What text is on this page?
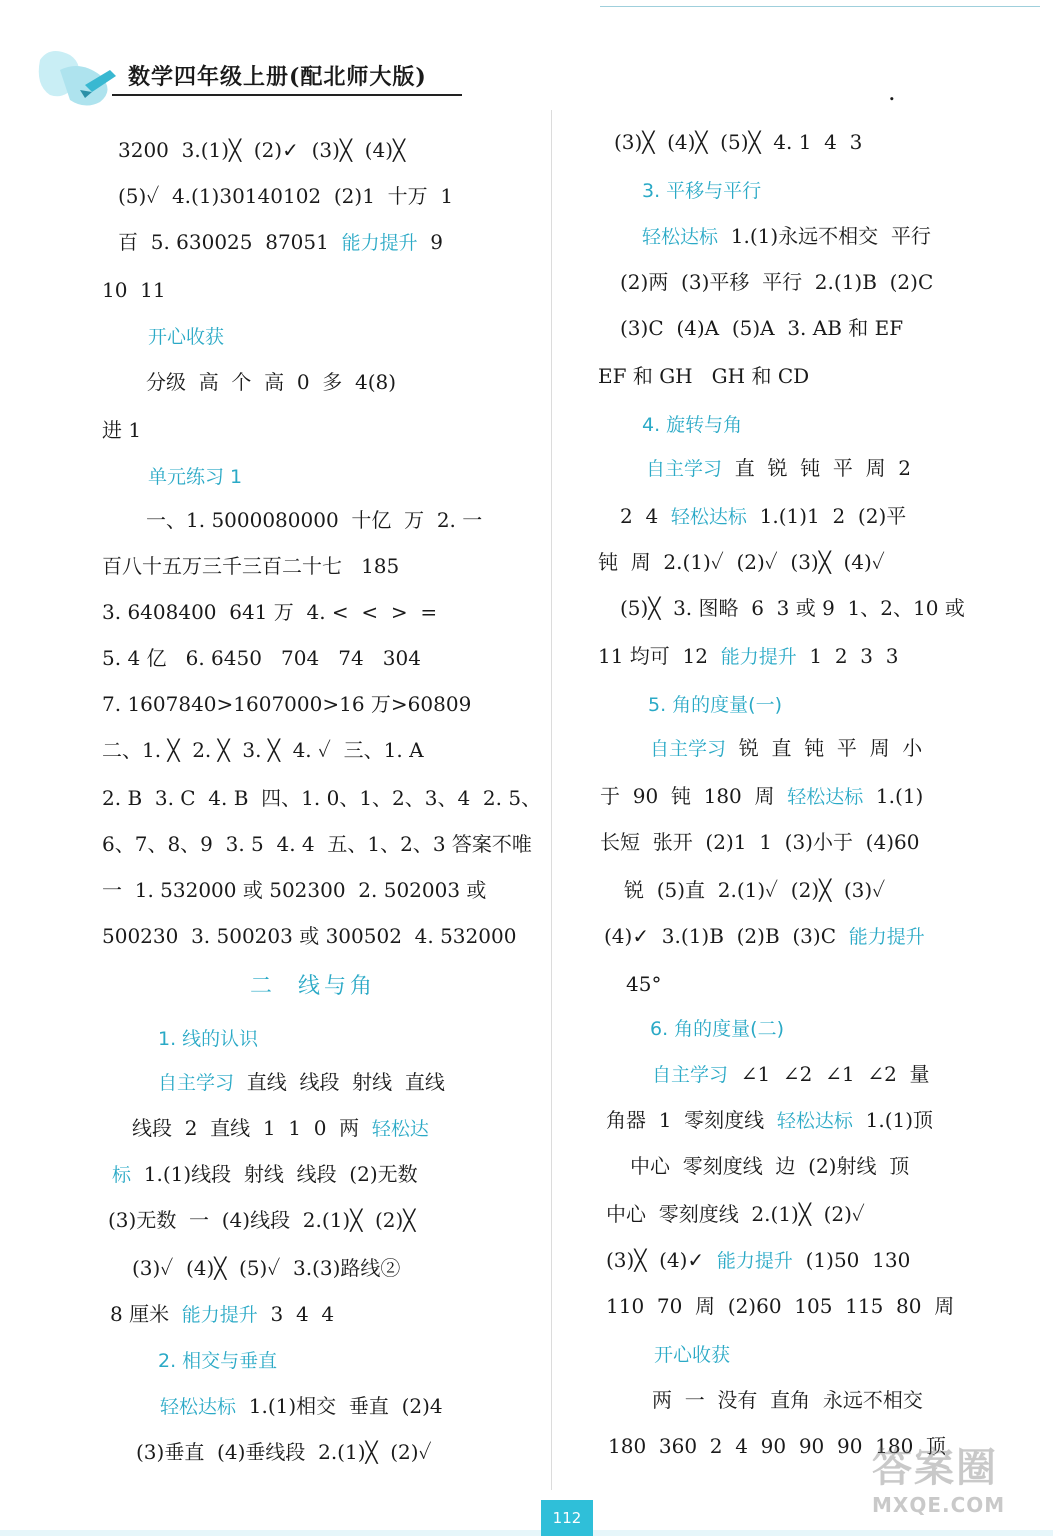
数学四年级上册(配北师大版)
.
3200  3.(1)╳  (2)✓  (3)╳  (4)╳
(5)✓  4.(1)30140102  (2)1  十万  1
百  5. 630025  87051  能力提升  9
10  11
开心收获
分级  高  个  高  0  多  4(8)
进 1
单元练习 1
一、1. 5000080000  十亿  万  2. 一
百八十五万三千三百二十七   185
3. 6408400  641 万  4. <  <  >  =
5. 4 亿   6. 6450   704   74   304
7. 1607840>1607000>16 万>60809
二、1. ╳  2. ╳  3. ╳  4. ✓  三、1. A
2. B  3. C  4. B  四、1. 0、1、2、3、4  2. 5、
6、7、8、9  3. 5  4. 4  五、1、2、3 答案不唯
一  1. 532000 或 502300  2. 502003 或
500230  3. 500203 或 300502  4. 532000
二  线与角
1. 线的认识
自主学习  直线  线段  射线  直线
线段  2  直线  1  1  0  两  轻松达
标  1.(1)线段  射线  线段  (2)无数
(3)无数  一  (4)线段  2.(1)╳  (2)╳
(3)✓  (4)╳  (5)✓  3.(3)路线②
8 厘米  能力提升  3  4  4
2. 相交与垂直
轻松达标  1.(1)相交  垂直  (2)4
(3)垂直  (4)垂线段  2.(1)╳  (2)✓
(3)╳  (4)╳  (5)╳  4. 1  4  3
3. 平移与平行
轻松达标  1.(1)永远不相交  平行
(2)两  (3)平移  平行  2.(1)B  (2)C
(3)C  (4)A  (5)A  3. AB 和 EF
EF 和 GH   GH 和 CD
4. 旋转与角
自主学习  直  锐  钝  平  周  2
2  4  轻松达标  1.(1)1  2  (2)平
钝  周  2.(1)✓  (2)✓  (3)╳  (4)✓
(5)╳  3. 图略  6  3 或 9  1、2、10 或
11 均可  12  能力提升  1  2  3  3
5. 角的度量(一)
自主学习  锐  直  钝  平  周  小
于  90  钝  180  周  轻松达标  1.(1)
长短  张开  (2)1  1  (3)小于  (4)60
锐  (5)直  2.(1)✓  (2)╳  (3)✓
(4)✓  3.(1)B  (2)B  (3)C  能力提升
45°
6. 角的度量(二)
自主学习  ∠1  ∠2  ∠1  ∠2  量
角器  1  零刻度线  轻松达标  1.(1)顶
中心  零刻度线  边  (2)射线  顶
中心  零刻度线  2.(1)╳  (2)✓
(3)╳  (4)✓  能力提升  (1)50  130
110  70  周  (2)60  105  115  80  周
开心收获
两  一  没有  直角  永远不相交
180  360  2  4  90  90  90  180  顶
112
答案圈
MXQE.COM
